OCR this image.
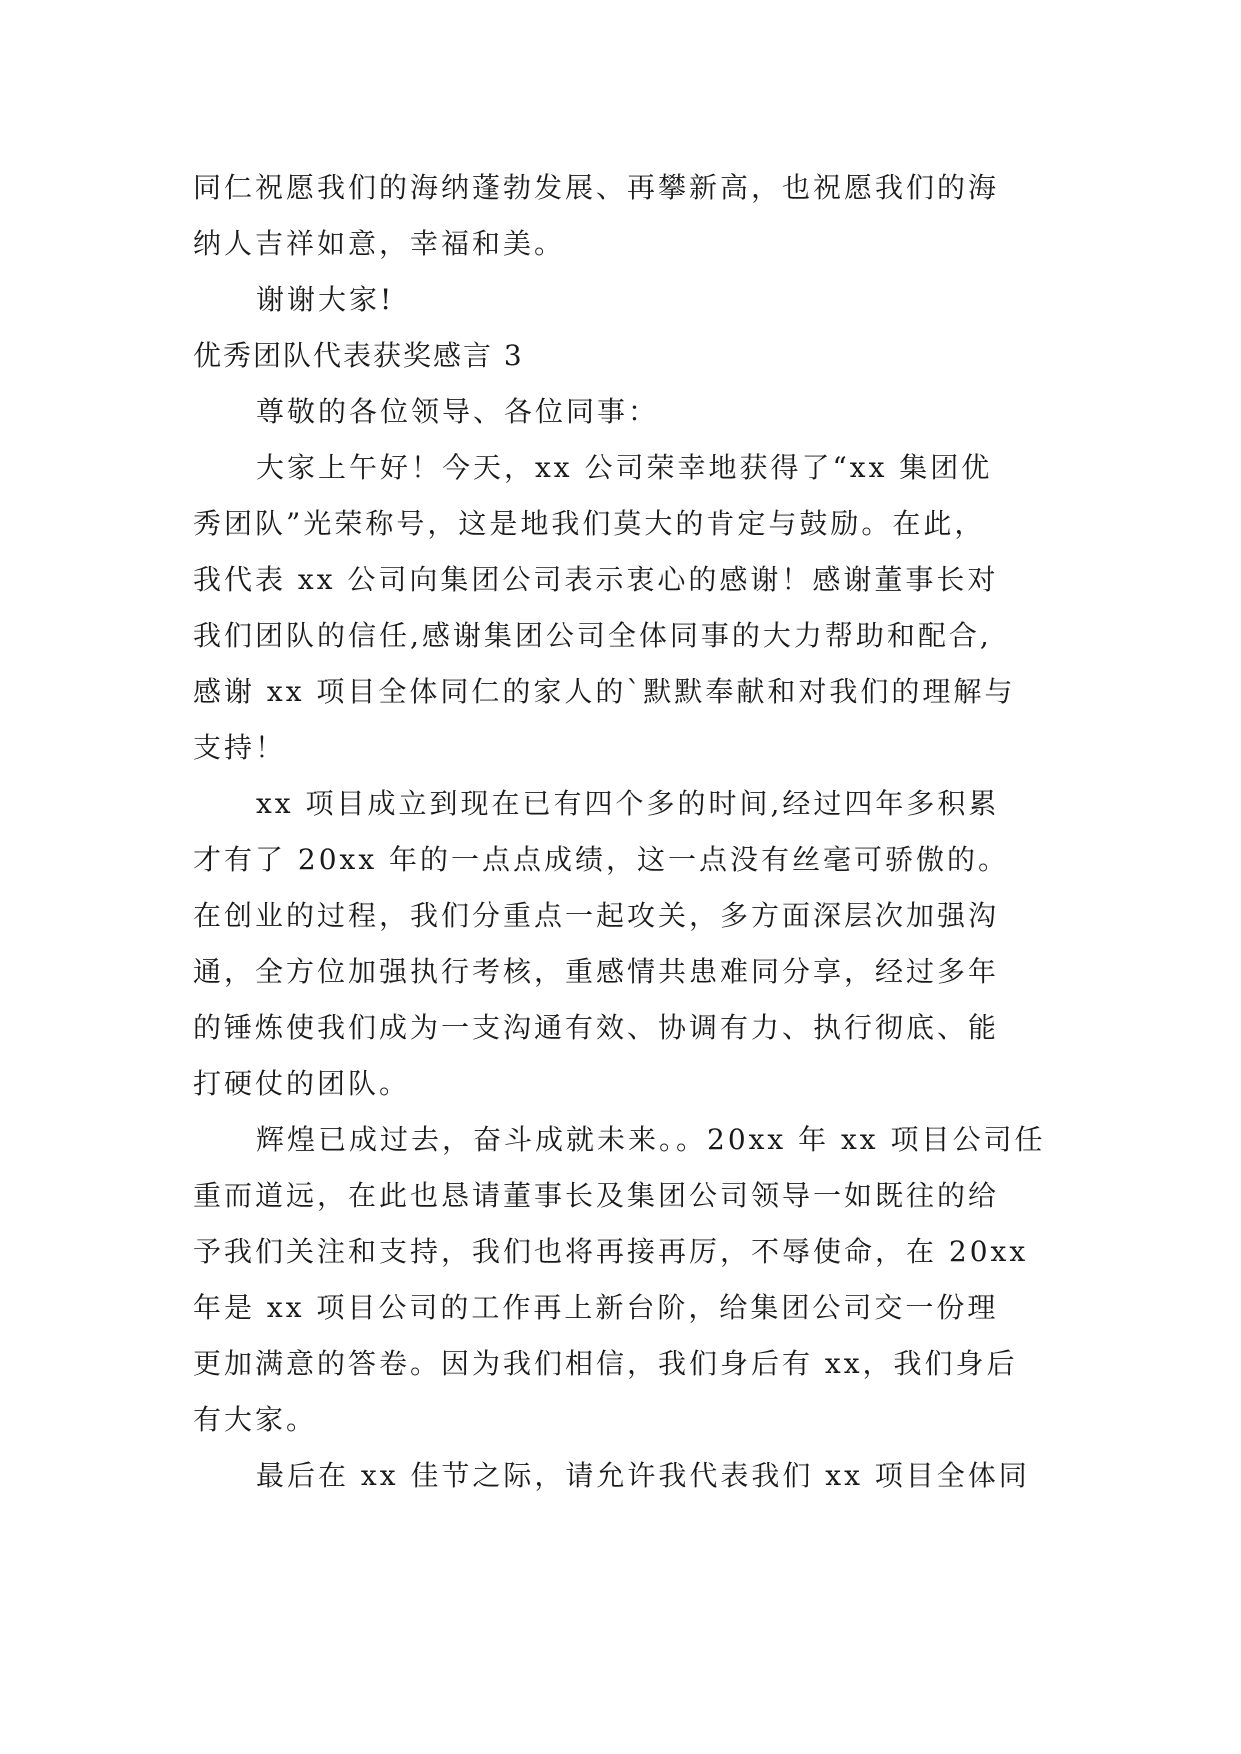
同仁祝愿我们的海纳蓬勃发展、再攀新高，也祝愿我们的海
纳人吉祥如意，幸福和美。
谢谢大家!
优秀团队代表获奖感言 3
尊敬的各位领导、各位同事：
大家上午好！今天，xx 公司荣幸地获得了“xx 集团优
秀团队”光荣称号，这是地我们莫大的肯定与鼓励。在此，
我代表 xx 公司向集团公司表示衷心的感谢！感谢董事长对
我们团队的信任,感谢集团公司全体同事的大力帮助和配合,
感谢 xx 项目全体同仁的家人的`默默奉献和对我们的理解与
支持！
xx 项目成立到现在已有四个多的时间,经过四年多积累
才有了 20xx 年的一点点成绩，这一点没有丝毫可骄傲的。
在创业的过程，我们分重点一起攻关，多方面深层次加强沟
通，全方位加强执行考核，重感情共患难同分享，经过多年
的锤炼使我们成为一支沟通有效、协调有力、执行彻底、能
打硬仗的团队。
辉煌已成过去，奋斗成就未来。。20xx 年 xx 项目公司任
重而道远，在此也恳请董事长及集团公司领导一如既往的给
予我们关注和支持，我们也将再接再厉，不辱使命，在 20xx
年是 xx 项目公司的工作再上新台阶，给集团公司交一份理
更加满意的答卷。因为我们相信，我们身后有 xx，我们身后
有大家。
最后在 xx 佳节之际，请允许我代表我们 xx 项目全体同
